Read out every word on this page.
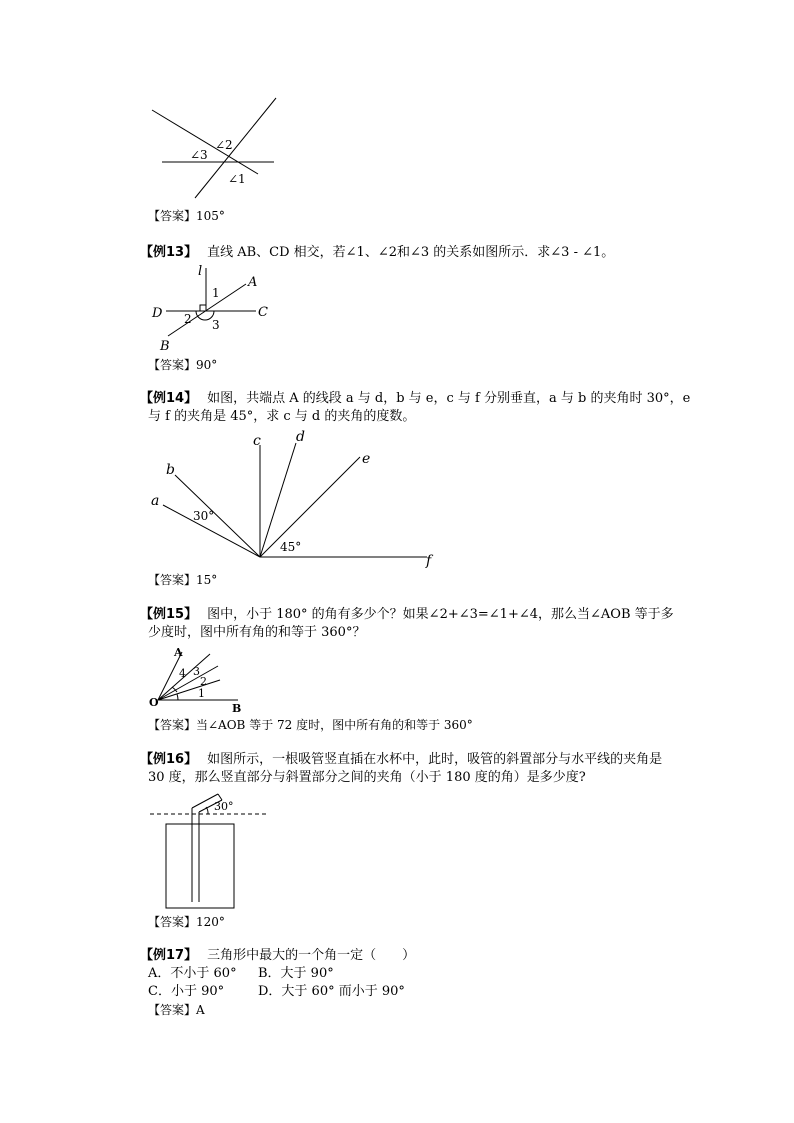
∠3
∠2
∠1
【答案】105°
【例13】 直线 AB、CD 相交，若∠1、∠2和∠3 的关系如图所示．求∠3 - ∠1。
l
A
1
D 2 3
C
B
【答案】90°
【例14】 如图，共端点 A 的线段 a 与 d，b 与 e，c 与 f 分别垂直，a 与 b 的夹角时 30°，e
与 f 的夹角是 45°，求 c 与 d 的夹角的度数。
c	d
e
b
a
30°
45°
f
【答案】15°
【例15】 图中，小于 180° 的角有多少个？如果∠2+∠3=∠1+∠4，那么当∠AOB 等于多
少度时，图中所有角的和等于 360°？
A
4 3
2
1
O	B
【答案】当∠AOB 等于 72 度时，图中所有角的和等于 360°
【例16】 如图所示，一根吸管竖直插在水杯中，此时，吸管的斜置部分与水平线的夹角是
30 度，那么竖直部分与斜置部分之间的夹角（小于 180 度的角）是多少度?
30°
【答案】120°
【例17】 三角形中最大的一个角一定（　　）
A．不小于 60° B．大于 90°
C．小于 90°	D．大于 60° 而小于 90°
【答案】A
